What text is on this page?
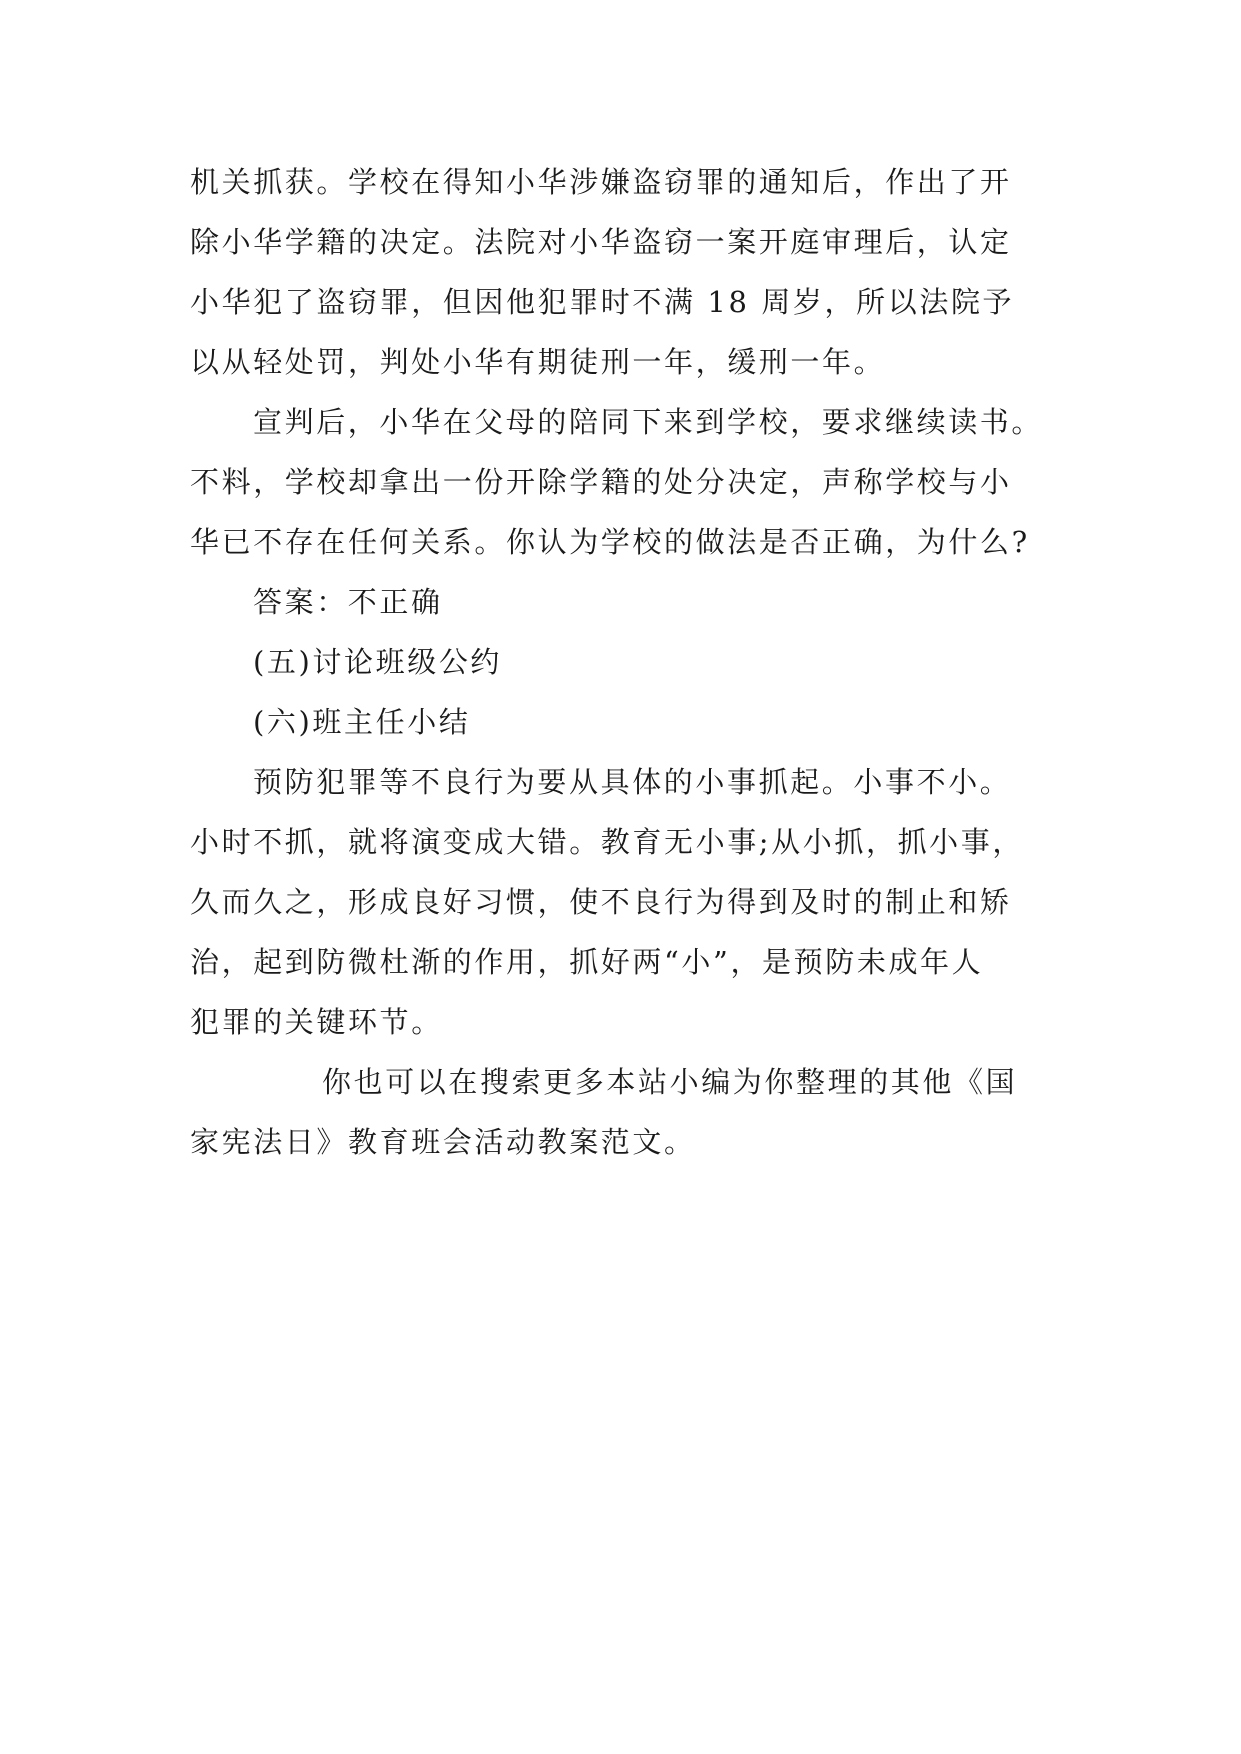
机关抓获。学校在得知小华涉嫌盗窃罪的通知后，作出了开
除小华学籍的决定。法院对小华盗窃一案开庭审理后，认定
小华犯了盗窃罪，但因他犯罪时不满 18 周岁，所以法院予
以从轻处罚，判处小华有期徒刑一年，缓刑一年。
宣判后，小华在父母的陪同下来到学校，要求继续读书。
不料，学校却拿出一份开除学籍的处分决定，声称学校与小
华已不存在任何关系。你认为学校的做法是否正确，为什么?
答案：不正确
(五)讨论班级公约
(六)班主任小结
预防犯罪等不良行为要从具体的小事抓起。小事不小。
小时不抓，就将演变成大错。教育无小事;从小抓，抓小事，
久而久之，形成良好习惯，使不良行为得到及时的制止和矫
治，起到防微杜渐的作用，抓好两“小”，是预防未成年人
犯罪的关键环节。
你也可以在搜索更多本站小编为你整理的其他《国
家宪法日》教育班会活动教案范文。
